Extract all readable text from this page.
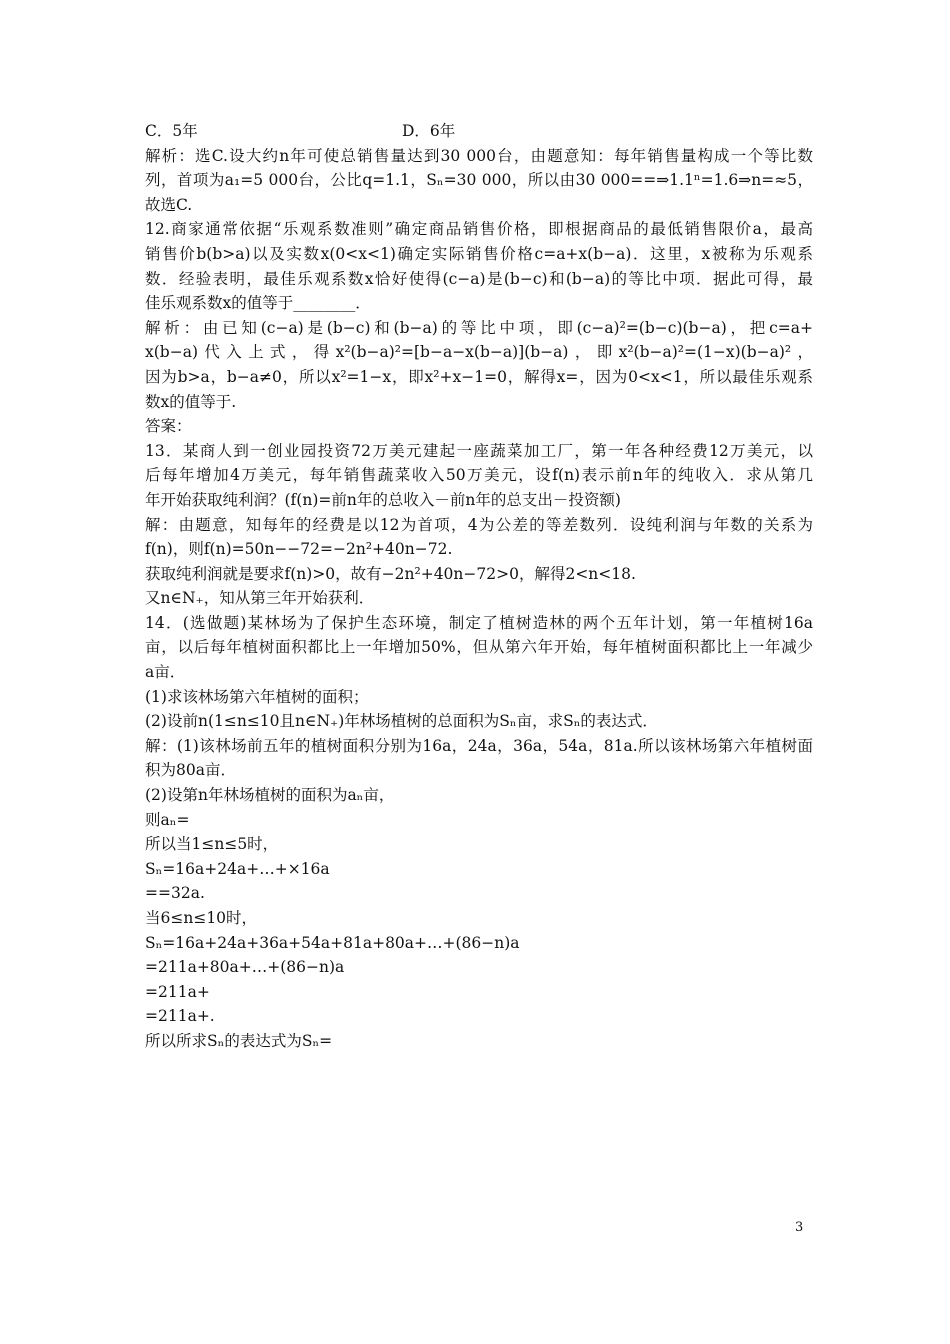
C．5年	D．6年
解析：选C.设大约n年可使总销售量达到30 000台，由题意知：每年销售量构成一个等比数
列，首项为a₁=5 000台，公比q=1.1，Sₙ=30 000，所以由30 000==⇒1.1ⁿ=1.6⇒n=≈5，
故选C.
12.商家通常依据“乐观系数准则”确定商品销售价格，即根据商品的最低销售限价a，最高
销售价b(b>a)以及实数x(0<x<1)确定实际销售价格c=a+x(b−a)．这里，x被称为乐观系
数．经验表明，最佳乐观系数x恰好使得(c−a)是(b−c)和(b−a)的等比中项．据此可得，最
佳乐观系数x的值等于________．
解析：由已知(c−a)是(b−c)和(b−a)的等比中项，即(c−a)²=(b−c)(b−a)，把c=a+
x(b−a)代入上式，得x²(b−a)²=[b−a−x(b−a)](b−a)，即x²(b−a)²=(1−x)(b−a)²，
因为b>a，b−a≠0，所以x²=1−x，即x²+x−1=0，解得x=，因为0<x<1，所以最佳乐观系
数x的值等于.
答案：
13．某商人到一创业园投资72万美元建起一座蔬菜加工厂，第一年各种经费12万美元，以
后每年增加4万美元，每年销售蔬菜收入50万美元，设f(n)表示前n年的纯收入．求从第几
年开始获取纯利润？(f(n)=前n年的总收入－前n年的总支出－投资额)
解：由题意，知每年的经费是以12为首项，4为公差的等差数列．设纯利润与年数的关系为
f(n)，则f(n)=50n−−72=−2n²+40n−72.
获取纯利润就是要求f(n)>0，故有−2n²+40n−72>0，解得2<n<18.
又n∈N₊，知从第三年开始获利．
14．(选做题)某林场为了保护生态环境，制定了植树造林的两个五年计划，第一年植树16a
亩，以后每年植树面积都比上一年增加50%，但从第六年开始，每年植树面积都比上一年减少
a亩．
(1)求该林场第六年植树的面积；
(2)设前n(1≤n≤10且n∈N₊)年林场植树的总面积为Sₙ亩，求Sₙ的表达式．
解：(1)该林场前五年的植树面积分别为16a，24a，36a，54a，81a.所以该林场第六年植树面
积为80a亩．
(2)设第n年林场植树的面积为aₙ亩，
则aₙ=
所以当1≤n≤5时，
Sₙ=16a+24a+…+×16a
==32a.
当6≤n≤10时，
Sₙ=16a+24a+36a+54a+81a+80a+…+(86−n)a
=211a+80a+…+(86−n)a
=211a+
=211a+.
所以所求Sₙ的表达式为Sₙ=
3
